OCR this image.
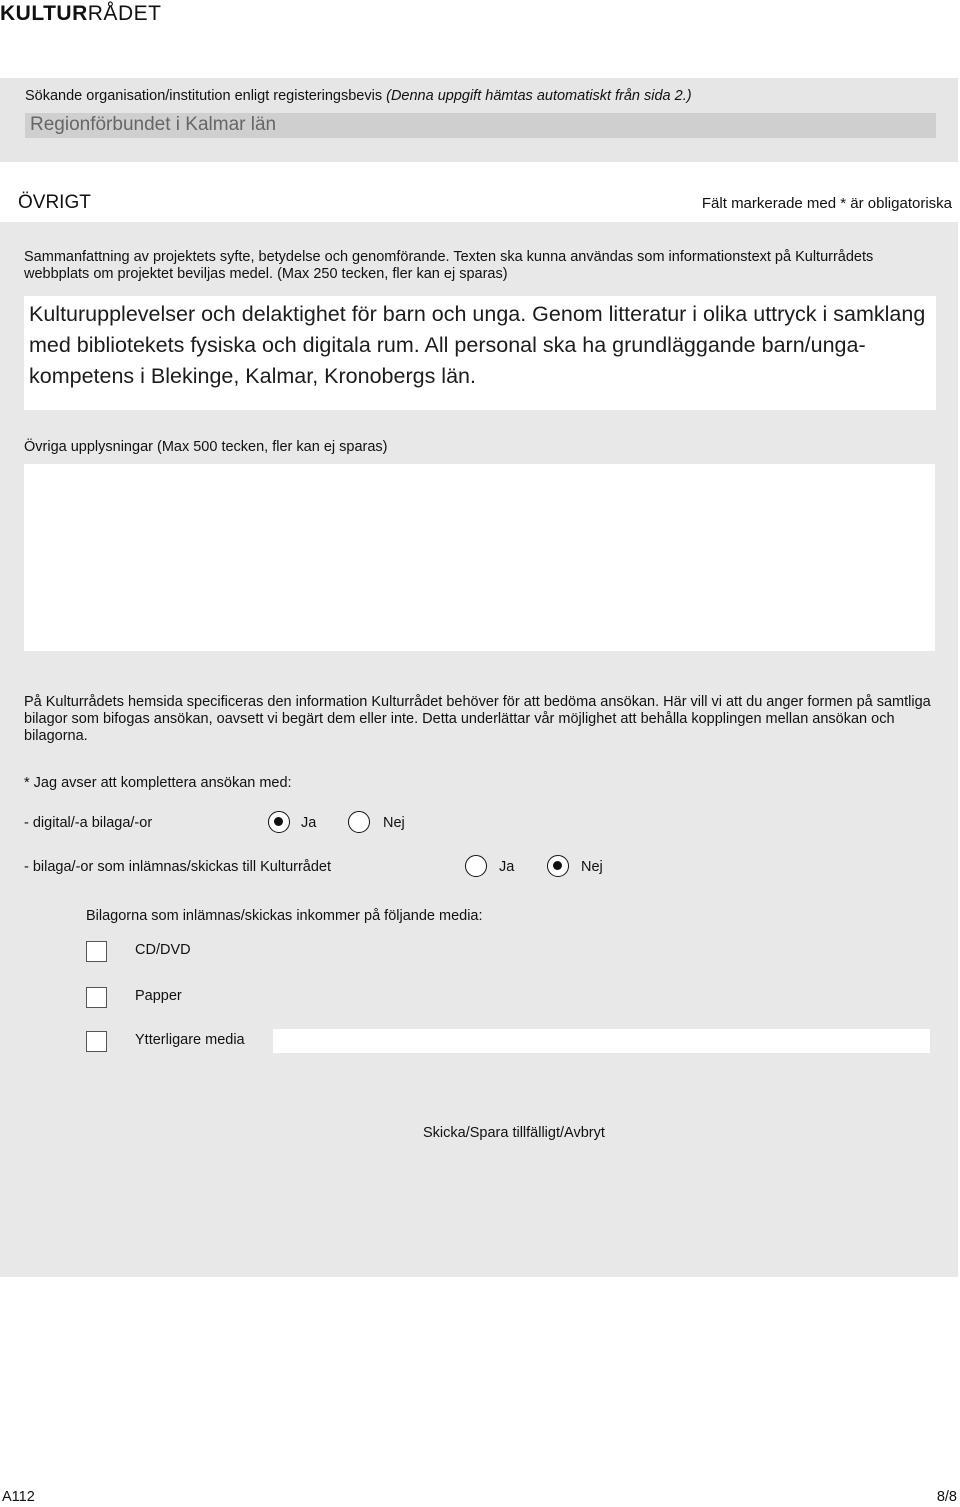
KULTURRÅDET
Sökande organisation/institution enligt registeringsbevis (Denna uppgift hämtas automatiskt från sida 2.)
Regionförbundet i Kalmar län
ÖVRIGT	Fält markerade med * är obligatoriska
Sammanfattning av projektets syfte, betydelse och genomförande. Texten ska kunna användas som informationstext på Kulturrådets webbplats om projektet beviljas medel. (Max 250 tecken, fler kan ej sparas)
Kulturupplevelser och delaktighet för barn och unga. Genom litteratur i olika uttryck i samklang med bibliotekets fysiska och digitala rum. All personal ska ha grundläggande barn/unga-kompetens i Blekinge, Kalmar, Kronobergs län.
Övriga upplysningar (Max 500 tecken, fler kan ej sparas)
På Kulturrådets hemsida specificeras den information Kulturrådet behöver för att bedöma ansökan. Här vill vi att du anger formen på samtliga bilagor som bifogas ansökan, oavsett vi begärt dem eller inte. Detta underlättar vår möjlighet att behålla kopplingen mellan ansökan och bilagorna.
* Jag avser att komplettera ansökan med:
- digital/-a bilaga/-or	Ja	Nej
- bilaga/-or som inlämnas/skickas till Kulturrådet	Ja	Nej
Bilagorna som inlämnas/skickas inkommer på följande media:
CD/DVD
Papper
Ytterligare media
Skicka/Spara tillfälligt/Avbryt
A112	8/8
